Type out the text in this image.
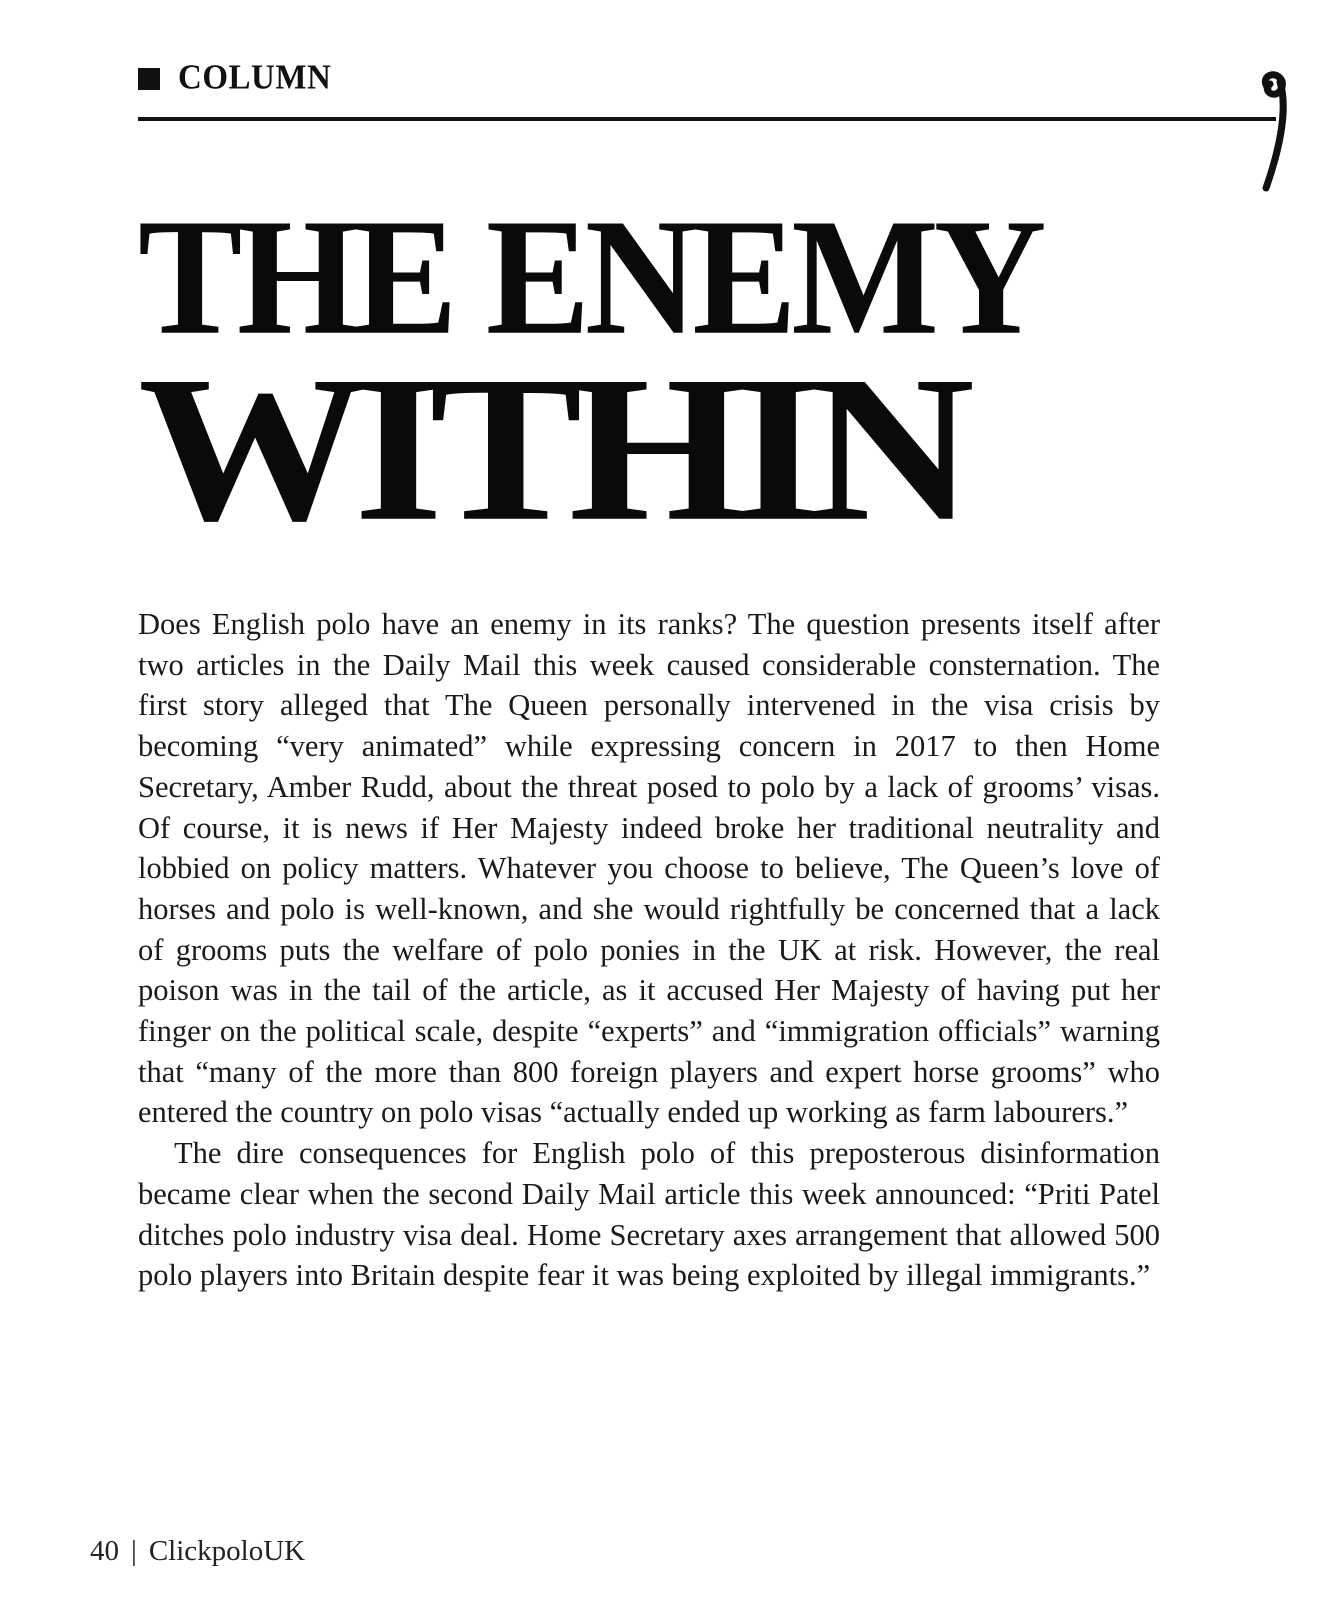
COLUMN
THE ENEMY
WITHIN

Does English polo have an enemy in its ranks? The question presents itself after two articles in the Daily Mail this week caused considerable consternation. The first story alleged that The Queen personally intervened in the visa crisis by becoming “very animated” while expressing concern in 2017 to then Home Secretary, Amber Rudd, about the threat posed to polo by a lack of grooms’ visas. Of course, it is news if Her Majesty indeed broke her traditional neutrality and lobbied on policy matters. Whatever you choose to believe, The Queen’s love of horses and polo is well-known, and she would rightfully be concerned that a lack of grooms puts the welfare of polo ponies in the UK at risk. However, the real poison was in the tail of the article, as it accused Her Majesty of having put her finger on the political scale, despite “experts” and “immigration officials” warning that “many of the more than 800 foreign players and expert horse grooms” who entered the country on polo visas “actually ended up working as farm labourers.”

The dire consequences for English polo of this preposterous disinformation became clear when the second Daily Mail article this week announced: “Priti Patel ditches polo industry visa deal. Home Secretary axes arrangement that allowed 500 polo players into Britain despite fear it was being exploited by illegal immigrants.”

40 | ClickpoloUK
